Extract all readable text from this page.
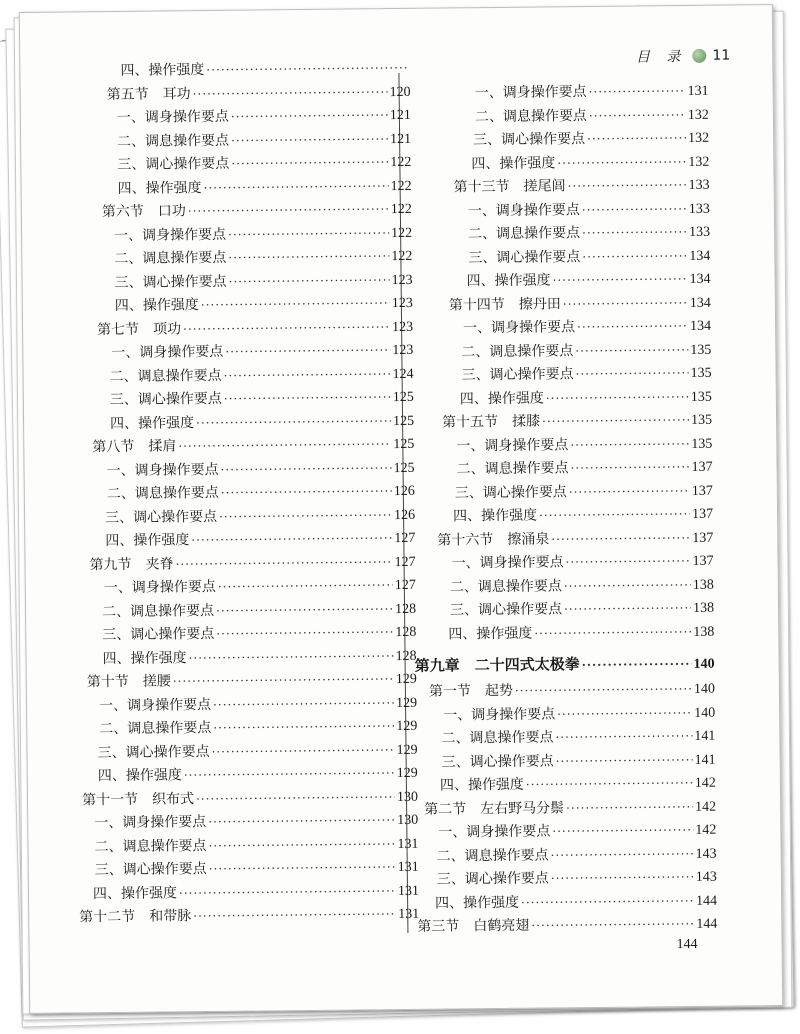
目 录 11
四、操作强度
·····
第五节　耳功 ·····	120
一、调身操作要点 ·····	121
二、调息操作要点 ·····	121
三、调心操作要点 ·····	122
四、操作强度 ·····	122
第六节　口功 ·····	122
一、调身操作要点 ·····	122
二、调息操作要点 ·····	122
三、调心操作要点 ·····	123
四、操作强度 ·····	123
第七节　项功 ·····	123
一、调身操作要点 ·····	123
二、调息操作要点 ·····	124
三、调心操作要点 ·····	125
四、操作强度 ·····	125
第八节　揉肩 ·····	125
一、调身操作要点 ·····	125
二、调息操作要点 ·····	126
三、调心操作要点 ·····	126
四、操作强度 ·····	127
第九节　夹脊 ·····	127
一、调身操作要点 ·····	127
二、调息操作要点 ·····	128
三、调心操作要点 ·····	128
四、操作强度 ·····	128
第十节　搓腰 ·····	129
一、调身操作要点 ·····	129
二、调息操作要点 ·····	129
三、调心操作要点 ·····	129
四、操作强度 ·····	129
第十一节　织布式 ·····	130
一、调身操作要点 ·····	130
二、调息操作要点 ·····	131
三、调心操作要点 ·····	131
四、操作强度 ·····	131
第十二节　和带脉 ·····	131
一、调身操作要点 ·····	131
二、调息操作要点 ·····	132
三、调心操作要点 ·····	132
四、操作强度 ·····	132
第十三节　搓尾闾 ·····	133
一、调身操作要点 ·····	133
二、调息操作要点 ·····	133
三、调心操作要点 ·····	134
四、操作强度 ·····	134
第十四节　擦丹田 ·····	134
一、调身操作要点 ·····	134
二、调息操作要点 ·····	135
三、调心操作要点 ·····	135
四、操作强度 ·····	135
第十五节　揉膝 ·····	135
一、调身操作要点 ·····	135
二、调息操作要点 ·····	137
三、调心操作要点 ·····	137
四、操作强度 ·····	137
第十六节　擦涌泉 ·····	137
一、调身操作要点 ·····	137
二、调息操作要点 ·····	138
三、调心操作要点 ·····	138
四、操作强度 ·····	138
第九章　二十四式太极拳 ·····	140
第一节　起势 ·····	140
一、调身操作要点 ·····	140
二、调息操作要点 ·····	141
三、调心操作要点 ·····	141
四、操作强度 ·····	142
第二节　左右野马分鬃 ·····	142
一、调身操作要点 ·····	142
二、调息操作要点 ·····	143
三、调心操作要点 ·····	143
四、操作强度 ·····	144
第三节　白鹤亮翅 ·····	144
144
